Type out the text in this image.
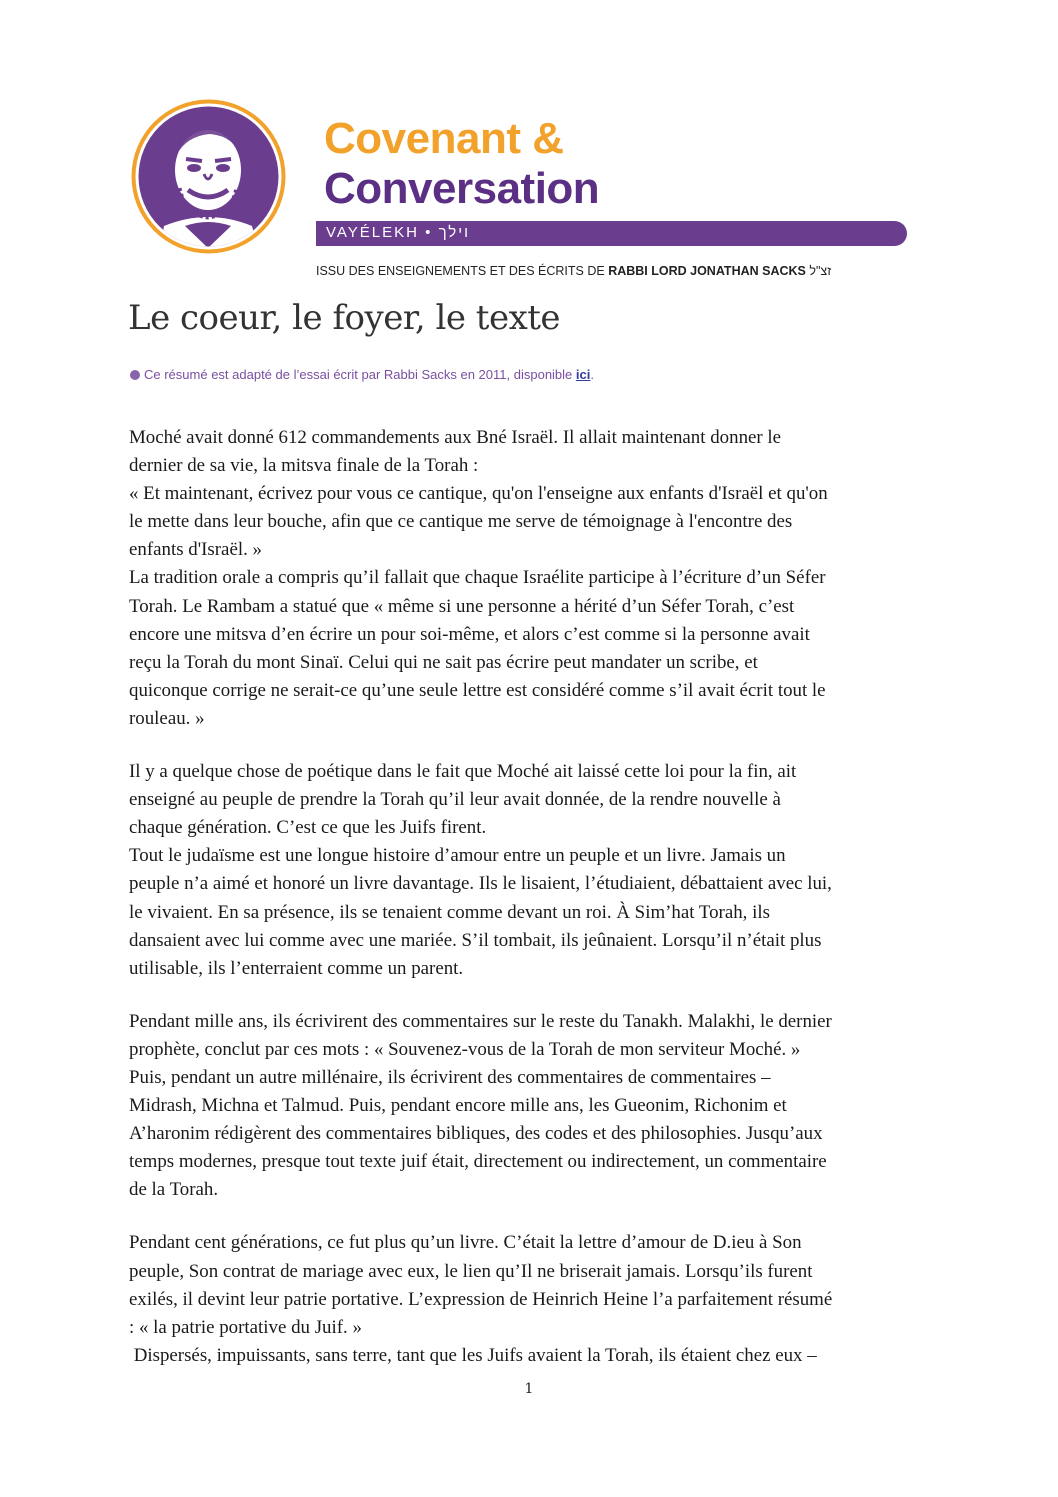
Covenant &
Conversation
VAYÉLEKH • וילך
ISSU DES ENSEIGNEMENTS ET DES ÉCRITS DE RABBI LORD JONATHAN SACKS זצ"ל
Le coeur, le foyer, le texte
Ce résumé est adapté de l’essai écrit par Rabbi Sacks en 2011, disponible ici.
Moché avait donné 612 commandements aux Bné Israël. Il allait maintenant donner le
dernier de sa vie, la mitsva finale de la Torah :
« Et maintenant, écrivez pour vous ce cantique, qu'on l'enseigne aux enfants d'Israël et qu'on
le mette dans leur bouche, afin que ce cantique me serve de témoignage à l'encontre des
enfants d'Israël. »
La tradition orale a compris qu’il fallait que chaque Israélite participe à l’écriture d’un Séfer
Torah. Le Rambam a statué que « même si une personne a hérité d’un Séfer Torah, c’est
encore une mitsva d’en écrire un pour soi-même, et alors c’est comme si la personne avait
reçu la Torah du mont Sinaï. Celui qui ne sait pas écrire peut mandater un scribe, et
quiconque corrige ne serait-ce qu’une seule lettre est considéré comme s’il avait écrit tout le
rouleau. »
Il y a quelque chose de poétique dans le fait que Moché ait laissé cette loi pour la fin, ait
enseigné au peuple de prendre la Torah qu’il leur avait donnée, de la rendre nouvelle à
chaque génération. C’est ce que les Juifs firent.
Tout le judaïsme est une longue histoire d’amour entre un peuple et un livre. Jamais un
peuple n’a aimé et honoré un livre davantage. Ils le lisaient, l’étudiaient, débattaient avec lui,
le vivaient. En sa présence, ils se tenaient comme devant un roi. À Sim’hat Torah, ils
dansaient avec lui comme avec une mariée. S’il tombait, ils jeûnaient. Lorsqu’il n’était plus
utilisable, ils l’enterraient comme un parent.
Pendant mille ans, ils écrivirent des commentaires sur le reste du Tanakh. Malakhi, le dernier
prophète, conclut par ces mots : « Souvenez-vous de la Torah de mon serviteur Moché. »
Puis, pendant un autre millénaire, ils écrivirent des commentaires de commentaires –
Midrash, Michna et Talmud. Puis, pendant encore mille ans, les Gueonim, Richonim et
A’haronim rédigèrent des commentaires bibliques, des codes et des philosophies. Jusqu’aux
temps modernes, presque tout texte juif était, directement ou indirectement, un commentaire
de la Torah.
Pendant cent générations, ce fut plus qu’un livre. C’était la lettre d’amour de D.ieu à Son
peuple, Son contrat de mariage avec eux, le lien qu’Il ne briserait jamais. Lorsqu’ils furent
exilés, il devint leur patrie portative. L’expression de Heinrich Heine l’a parfaitement résumé
: « la patrie portative du Juif. »
Dispersés, impuissants, sans terre, tant que les Juifs avaient la Torah, ils étaient chez eux –
1
